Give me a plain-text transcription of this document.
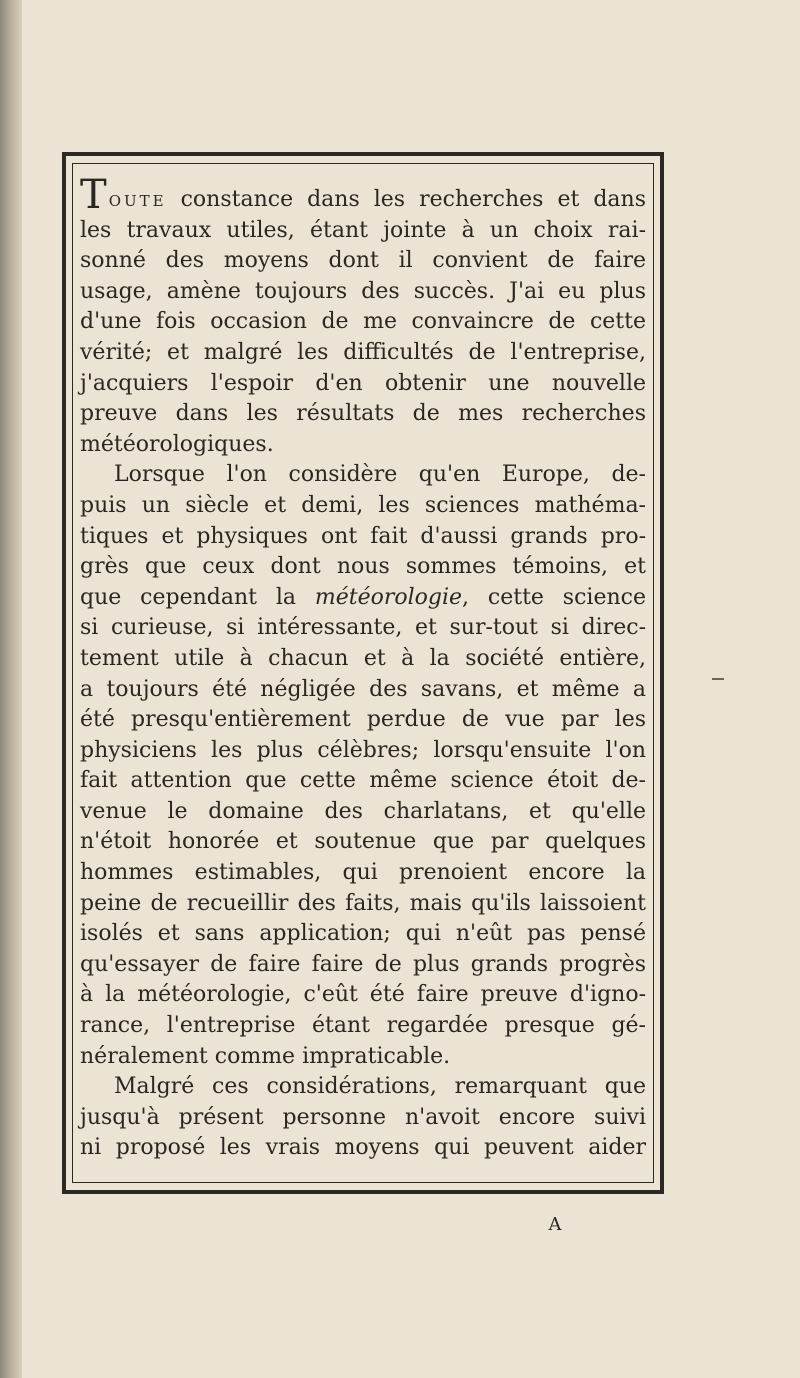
Toute constance dans les recherches et dans
les travaux utiles, étant jointe à un choix rai-
sonné des moyens dont il convient de faire
usage, amène toujours des succès. J'ai eu plus
d'une fois occasion de me convaincre de cette
vérité; et malgré les difficultés de l'entreprise,
j'acquiers l'espoir d'en obtenir une nouvelle
preuve dans les résultats de mes recherches
météorologiques.

Lorsque l'on considère qu'en Europe, de-
puis un siècle et demi, les sciences mathéma-
tiques et physiques ont fait d'aussi grands pro-
grès que ceux dont nous sommes témoins, et
que cependant la météorologie, cette science
si curieuse, si intéressante, et sur-tout si direc-
tement utile à chacun et à la société entière,
a toujours été négligée des savans, et même a
été presqu'entièrement perdue de vue par les
physiciens les plus célèbres; lorsqu'ensuite l'on
fait attention que cette même science étoit de-
venue le domaine des charlatans, et qu'elle
n'étoit honorée et soutenue que par quelques
hommes estimables, qui prenoient encore la
peine de recueillir des faits, mais qu'ils laissoient
isolés et sans application; qui n'eût pas pensé
qu'essayer de faire faire de plus grands progrès
à la météorologie, c'eût été faire preuve d'igno-
rance, l'entreprise étant regardée presque gé-
néralement comme impraticable.

Malgré ces considérations, remarquant que
jusqu'à présent personne n'avoit encore suivi
ni proposé les vrais moyens qui peuvent aider

A
